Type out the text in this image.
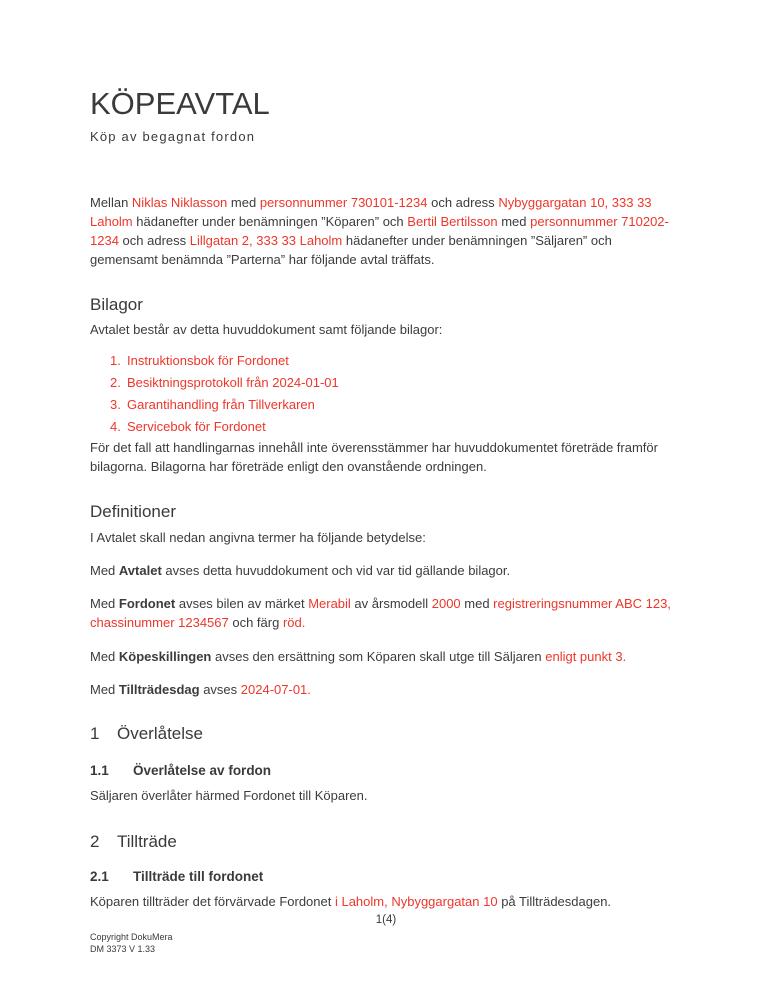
KÖPEAVTAL
Köp av begagnat fordon

Mellan Niklas Niklasson med personnummer 730101-1234 och adress Nybyggargatan 10, 333 33 Laholm hädanefter under benämningen ”Köparen” och Bertil Bertilsson med personnummer 710202-1234 och adress Lillgatan 2, 333 33 Laholm hädanefter under benämningen ”Säljaren” och gemensamt benämnda ”Parterna” har följande avtal träffats.

Bilagor

Avtalet består av detta huvuddokument samt följande bilagor:

1. Instruktionsbok för Fordonet
2. Besiktningsprotokoll från 2024-01-01
3. Garantihandling från Tillverkaren
4. Servicebok för Fordonet

För det fall att handlingarnas innehåll inte överensstämmer har huvuddokumentet företräde framför bilagorna. Bilagorna har företräde enligt den ovanstående ordningen.

Definitioner

I Avtalet skall nedan angivna termer ha följande betydelse:

Med Avtalet avses detta huvuddokument och vid var tid gällande bilagor.

Med Fordonet avses bilen av märket Merabil av årsmodell 2000 med registreringsnummer ABC 123, chassinummer 1234567 och färg röd.

Med Köpeskillingen avses den ersättning som Köparen skall utge till Säljaren enligt punkt 3.

Med Tillträdesdag avses 2024-07-01.

1 Överlåtelse
1.1 Överlåtelse av fordon

Säljaren överlåter härmed Fordonet till Köparen.

2 Tillträde
2.1 Tillträde till fordonet

Köparen tillträder det förvärvade Fordonet i Laholm, Nybyggargatan 10 på Tillträdesdagen.

1(4)
Copyright DokuMera
DM 3373 V 1.33
